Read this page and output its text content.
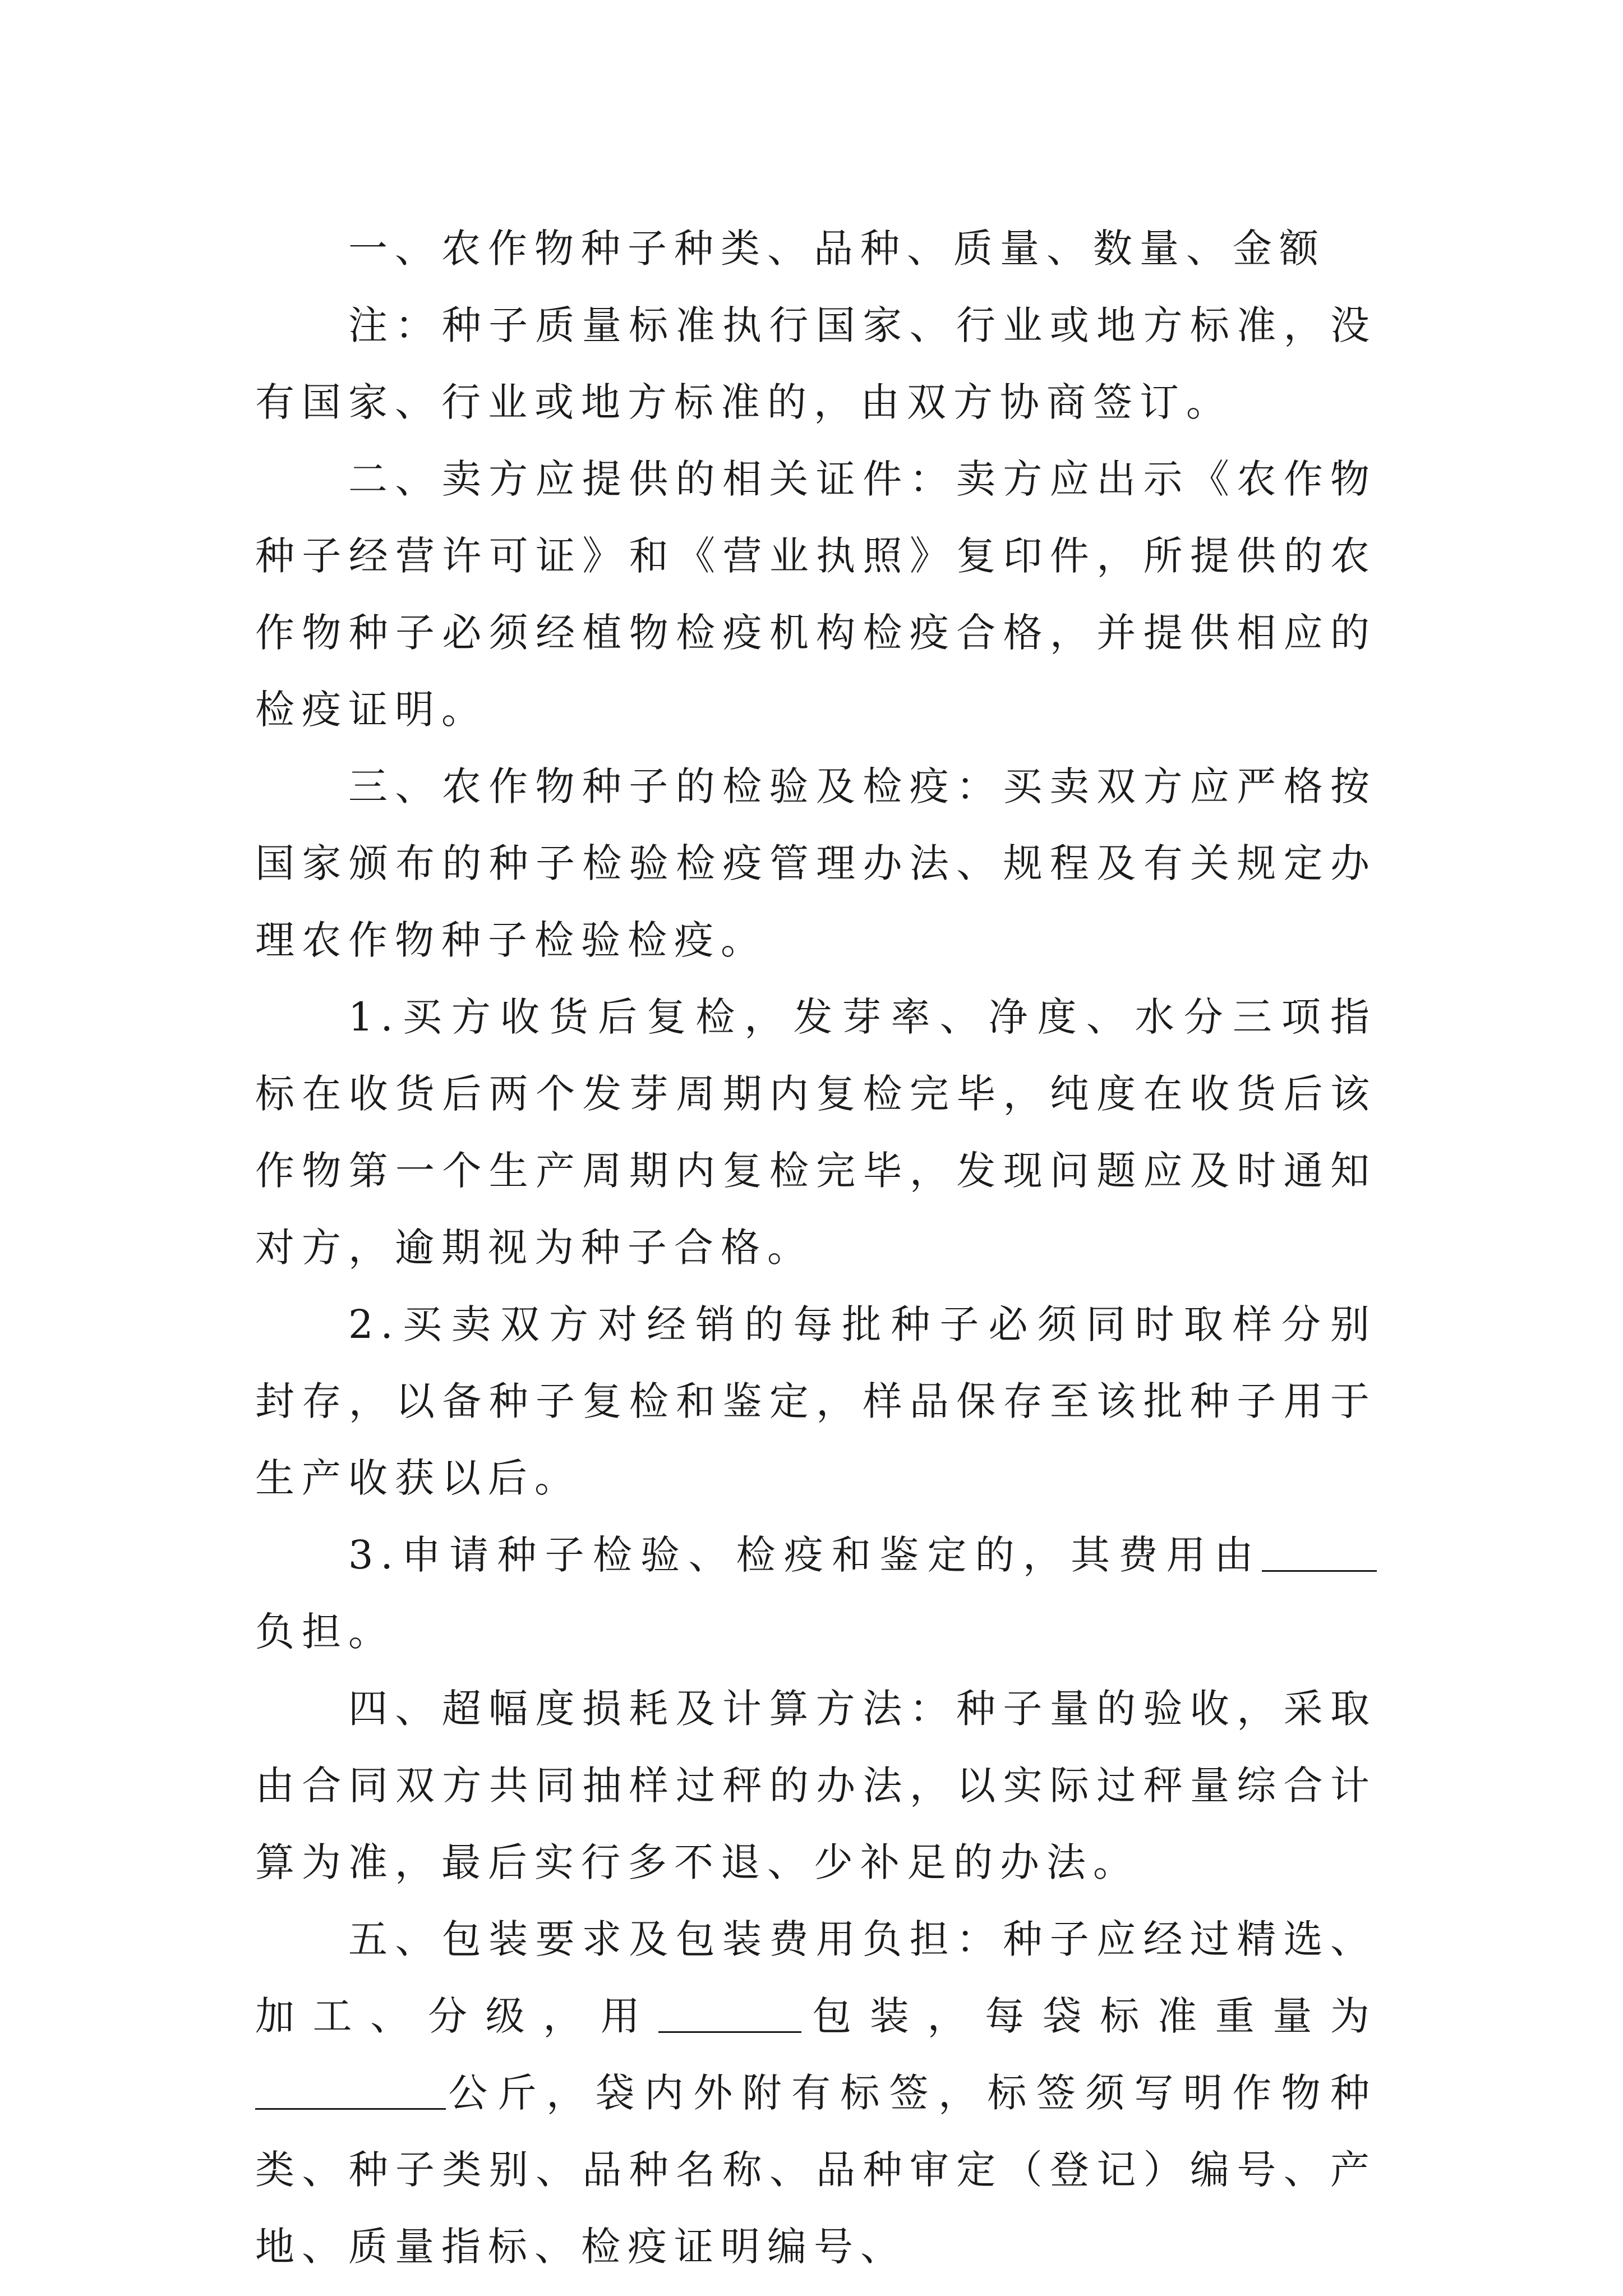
一、农作物种子种类、品种、质量、数量、金额

注：种子质量标准执行国家、行业或地方标准，没有国家、行业或地方标准的，由双方协商签订。

二、卖方应提供的相关证件：卖方应出示《农作物种子经营许可证》和《营业执照》复印件，所提供的农作物种子必须经植物检疫机构检疫合格，并提供相应的检疫证明。

三、农作物种子的检验及检疫：买卖双方应严格按国家颁布的种子检验检疫管理办法、规程及有关规定办理农作物种子检验检疫。

1.买方收货后复检，发芽率、净度、水分三项指标在收货后两个发芽周期内复检完毕，纯度在收货后该作物第一个生产周期内复检完毕，发现问题应及时通知对方，逾期视为种子合格。

2.买卖双方对经销的每批种子必须同时取样分别封存，以备种子复检和鉴定，样品保存至该批种子用于生产收获以后。

3.申请种子检验、检疫和鉴定的，其费用由负担。

四、超幅度损耗及计算方法：种子量的验收，采取由合同双方共同抽样过秤的办法，以实际过秤量综合计算为准，最后实行多不退、少补足的办法。

五、包装要求及包装费用负担：种子应经过精选、加工、分级，用	包装，每袋标准重量为公斤，袋内外附有标签，标签须写明作物种类、种子类别、品种名称、品种审定（登记）编号、产地、质量指标、检疫证明编号、
